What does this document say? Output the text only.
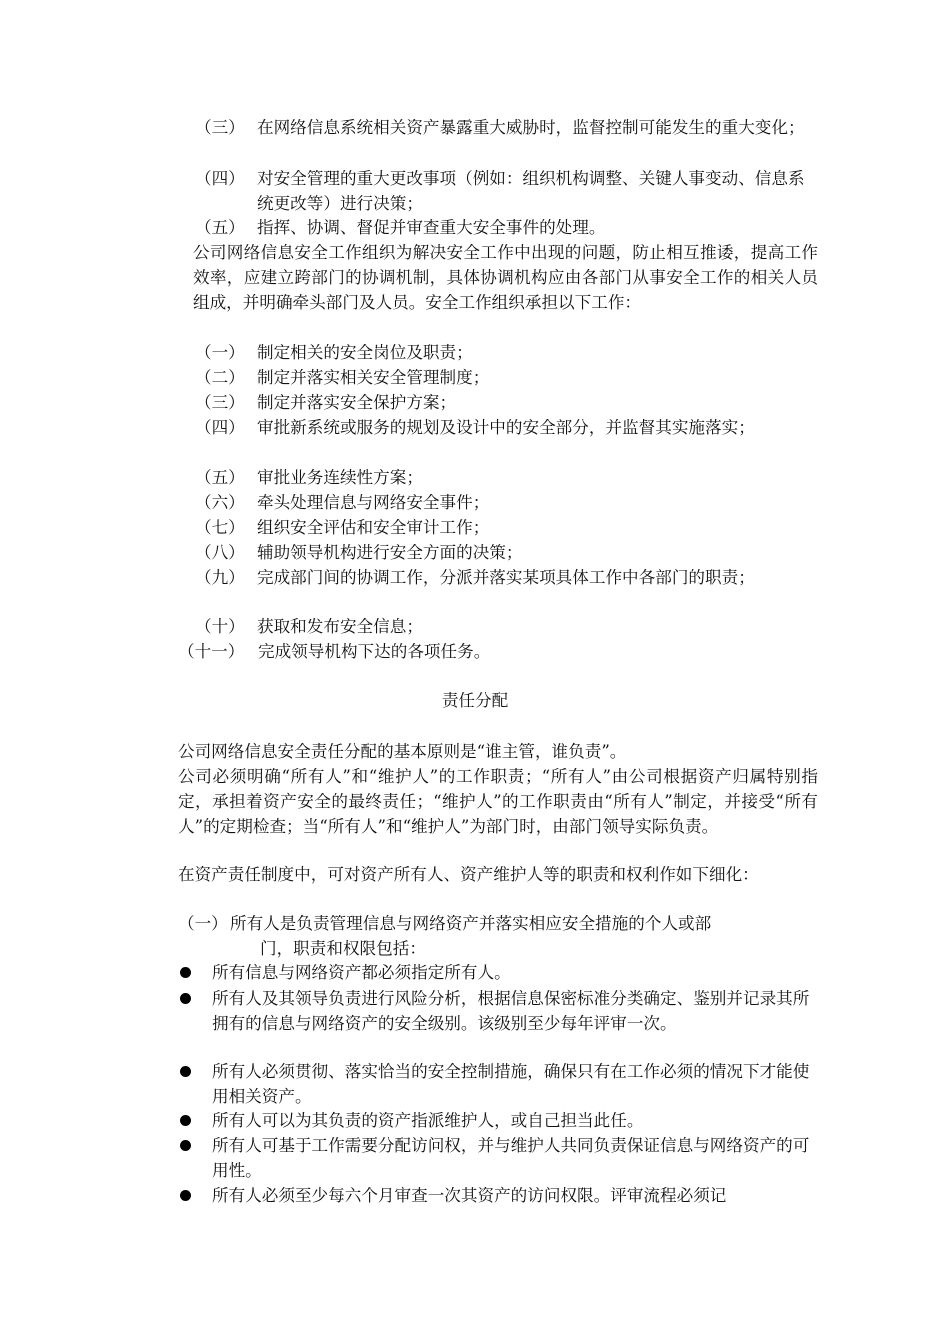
（三） 在网络信息系统相关资产暴露重大威胁时，监督控制可能发生的重大变化；
（四） 对安全管理的重大更改事项（例如：组织机构调整、关键人事变动、信息系统更改等）进行决策；
（五） 指挥、协调、督促并审查重大安全事件的处理。
公司网络信息安全工作组织为解决安全工作中出现的问题，防止相互推诿，提高工作效率，应建立跨部门的协调机制，具体协调机构应由各部门从事安全工作的相关人员组成，并明确牵头部门及人员。安全工作组织承担以下工作：
（一） 制定相关的安全岗位及职责；
（二） 制定并落实相关安全管理制度；
（三） 制定并落实安全保护方案；
（四） 审批新系统或服务的规划及设计中的安全部分，并监督其实施落实；
（五） 审批业务连续性方案；
（六） 牵头处理信息与网络安全事件；
（七） 组织安全评估和安全审计工作；
（八） 辅助领导机构进行安全方面的决策；
（九） 完成部门间的协调工作，分派并落实某项具体工作中各部门的职责；
（十） 获取和发布安全信息；
（十一） 完成领导机构下达的各项任务。
责任分配
公司网络信息安全责任分配的基本原则是“谁主管，谁负责”。
公司必须明确“所有人”和“维护人”的工作职责；“所有人”由公司根据资产归属特别指定，承担着资产安全的最终责任；“维护人”的工作职责由“所有人”制定，并接受“所有人”的定期检查；当“所有人”和“维护人”为部门时，由部门领导实际负责。
在资产责任制度中，可对资产所有人、资产维护人等的职责和权利作如下细化：
（一） 所有人是负责管理信息与网络资产并落实相应安全措施的个人或部
门，职责和权限包括：
所有信息与网络资产都必须指定所有人。
所有人及其领导负责进行风险分析，根据信息保密标准分类确定、鉴别并记录其所拥有的信息与网络资产的安全级别。该级别至少每年评审一次。
所有人必须贯彻、落实恰当的安全控制措施，确保只有在工作必须的情况下才能使用相关资产。
所有人可以为其负责的资产指派维护人，或自己担当此任。
所有人可基于工作需要分配访问权，并与维护人共同负责保证信息与网络资产的可用性。
所有人必须至少每六个月审查一次其资产的访问权限。评审流程必须记
